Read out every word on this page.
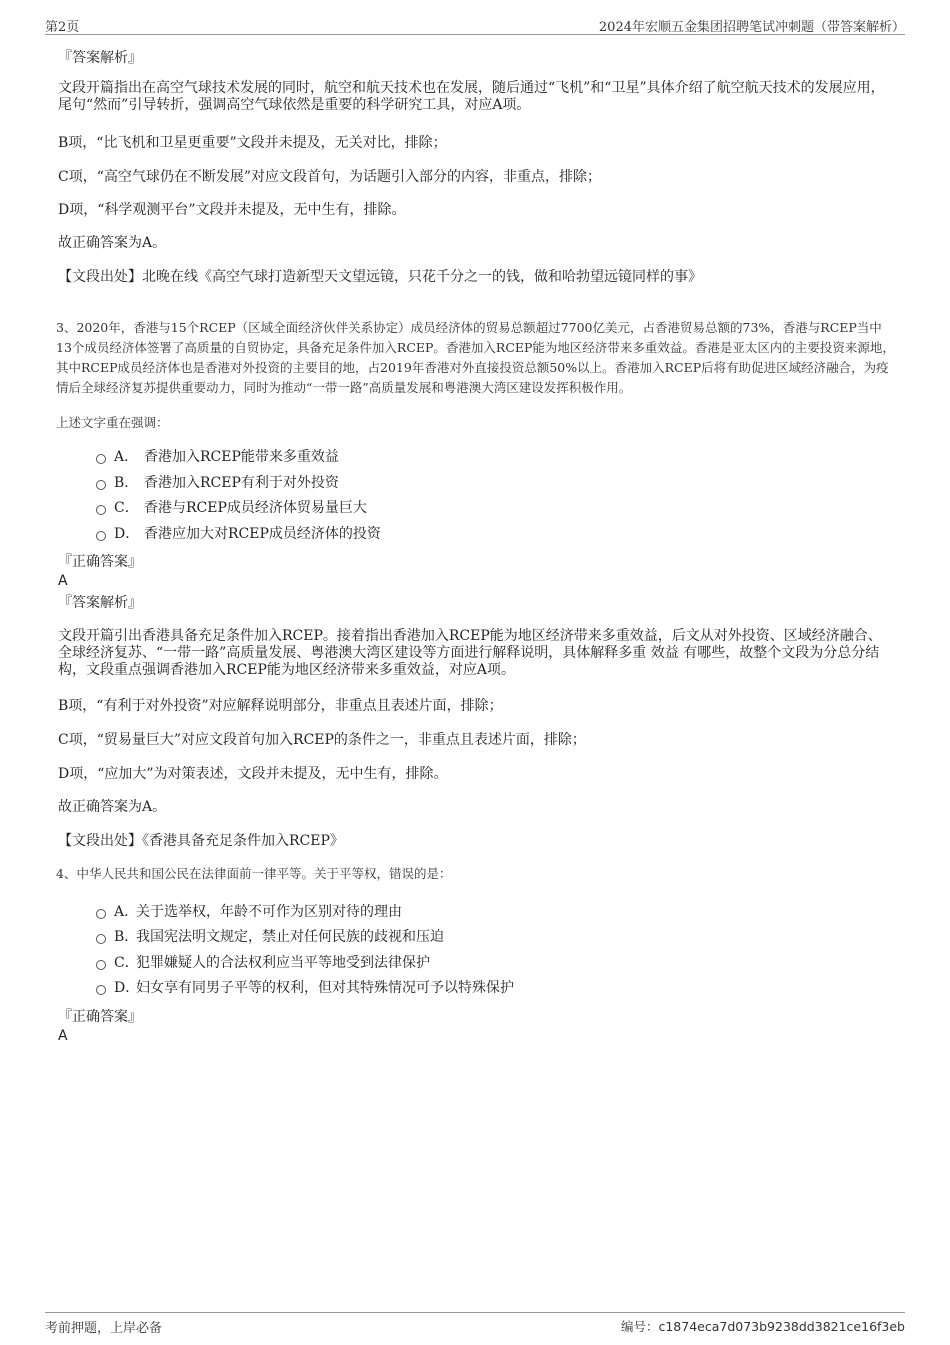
第2页	2024年宏顺五金集团招聘笔试冲刺题（带答案解析）
『答案解析』
文段开篇指出在高空气球技术发展的同时，航空和航天技术也在发展，随后通过“飞机”和“卫星”具体介绍了航空航天技术的发展应用，尾句“然而”引导转折，强调高空气球依然是重要的科学研究工具，对应A项。
B项，“比飞机和卫星更重要”文段并未提及，无关对比，排除；
C项，“高空气球仍在不断发展”对应文段首句，为话题引入部分的内容，非重点，排除；
D项，“科学观测平台”文段并未提及，无中生有，排除。
故正确答案为A。
【文段出处】北晚在线《高空气球打造新型天文望远镜，只花千分之一的钱，做和哈勃望远镜同样的事》
3、2020年，香港与15个RCEP（区域全面经济伙伴关系协定）成员经济体的贸易总额超过7700亿美元，占香港贸易总额的73%，香港与RCEP当中13个成员经济体签署了高质量的自贸协定，具备充足条件加入RCEP。香港加入RCEP能为地区经济带来多重效益。香港是亚太区内的主要投资来源地，其中RCEP成员经济体也是香港对外投资的主要目的地，占2019年香港对外直接投资总额50%以上。香港加入RCEP后将有助促进区域经济融合，为疫情后全球经济复苏提供重要动力，同时为推动“一带一路”高质量发展和粤港澳大湾区建设发挥积极作用。
上述文字重在强调：
A． 香港加入RCEP能带来多重效益
B． 香港加入RCEP有利于对外投资
C． 香港与RCEP成员经济体贸易量巨大
D． 香港应加大对RCEP成员经济体的投资
『正确答案』
A
『答案解析』
文段开篇引出香港具备充足条件加入RCEP。接着指出香港加入RCEP能为地区经济带来多重效益，后文从对外投资、区域经济融合、全球经济复苏、“一带一路”高质量发展、粤港澳大湾区建设等方面进行解释说明，具体解释多重 效益 有哪些，故整个文段为分总分结构，文段重点强调香港加入RCEP能为地区经济带来多重效益，对应A项。
B项，“有利于对外投资”对应解释说明部分，非重点且表述片面，排除；
C项，“贸易量巨大”对应文段首句加入RCEP的条件之一，非重点且表述片面，排除；
D项，“应加大”为对策表述，文段并未提及，无中生有，排除。
故正确答案为A。
【文段出处】《香港具备充足条件加入RCEP》
4、中华人民共和国公民在法律面前一律平等。关于平等权，错误的是：
A．关于选举权，年龄不可作为区别对待的理由
B．我国宪法明文规定，禁止对任何民族的歧视和压迫
C．犯罪嫌疑人的合法权利应当平等地受到法律保护
D．妇女享有同男子平等的权利，但对其特殊情况可予以特殊保护
『正确答案』
A
考前押题，上岸必备	编号：c1874eca7d073b9238dd3821ce16f3eb
